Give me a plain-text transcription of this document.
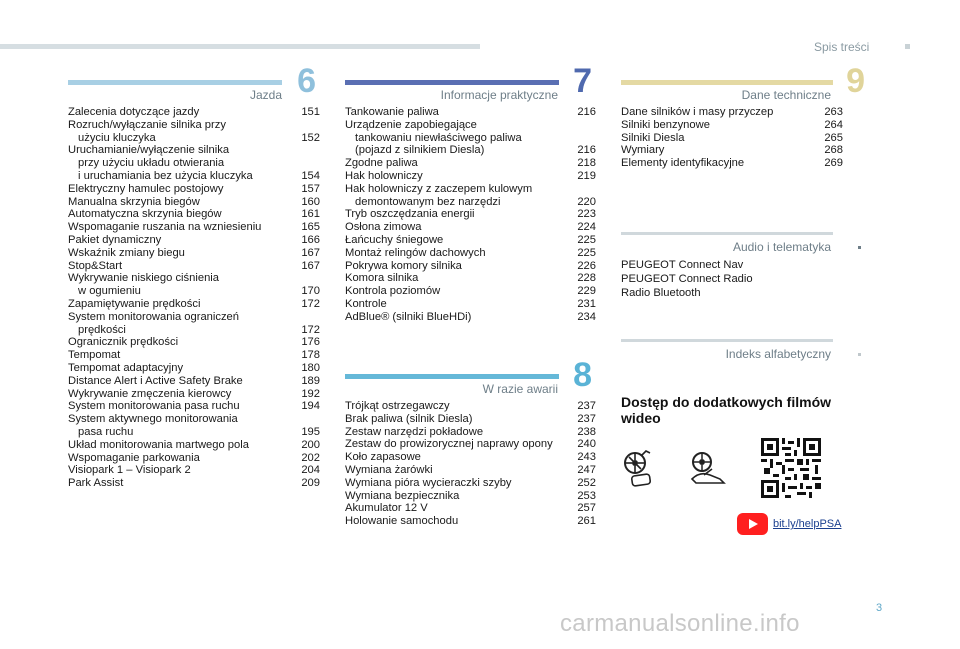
Spis treści
Jazda 6
Zalecenia dotyczące jazdy	151
Rozruch/wyłączanie silnika przy
użyciu kluczyka	152
Uruchamianie/wyłączenie silnika
przy użyciu układu otwierania
i uruchamiania bez użycia kluczyka	154
Elektryczny hamulec postojowy	157
Manualna skrzynia biegów	160
Automatyczna skrzynia biegów	161
Wspomaganie ruszania na wzniesieniu	165
Pakiet dynamiczny	166
Wskaźnik zmiany biegu	167
Stop&Start	167
Wykrywanie niskiego ciśnienia
w ogumieniu	170
Zapamiętywanie prędkości	172
System monitorowania ograniczeń
prędkości	172
Ogranicznik prędkości	176
Tempomat	178
Tempomat adaptacyjny	180
Distance Alert i Active Safety Brake	189
Wykrywanie zmęczenia kierowcy	192
System monitorowania pasa ruchu	194
System aktywnego monitorowania
pasa ruchu	195
Układ monitorowania martwego pola	200
Wspomaganie parkowania	202
Visiopark 1 – Visiopark 2	204
Park Assist	209
Informacje praktyczne 7
Tankowanie paliwa	216
Urządzenie zapobiegające
tankowaniu niewłaściwego paliwa
(pojazd z silnikiem Diesla)	216
Zgodne paliwa	218
Hak holowniczy	219
Hak holowniczy z zaczepem kulowym
demontowanym bez narzędzi	220
Tryb oszczędzania energii	223
Osłona zimowa	224
Łańcuchy śniegowe	225
Montaż relingów dachowych	225
Pokrywa komory silnika	226
Komora silnika	228
Kontrola poziomów	229
Kontrole	231
AdBlue® (silniki BlueHDi)	234
W razie awarii 8
Trójkąt ostrzegawczy	237
Brak paliwa (silnik Diesla)	237
Zestaw narzędzi pokładowe	238
Zestaw do prowizorycznej naprawy opony	240
Koło zapasowe	243
Wymiana żarówki	247
Wymiana pióra wycieraczki szyby	252
Wymiana bezpiecznika	253
Akumulator 12 V	257
Holowanie samochodu	261
Dane techniczne 9
Dane silników i masy przyczep	263
Silniki benzynowe	264
Silniki Diesla	265
Wymiary	268
Elementy identyfikacyjne	269
Audio i telematyka
PEUGEOT Connect Nav
PEUGEOT Connect Radio
Radio Bluetooth
Indeks alfabetyczny
Dostęp do dodatkowych filmów wideo
bit.ly/helpPSA
3
carmanualsonline.info
